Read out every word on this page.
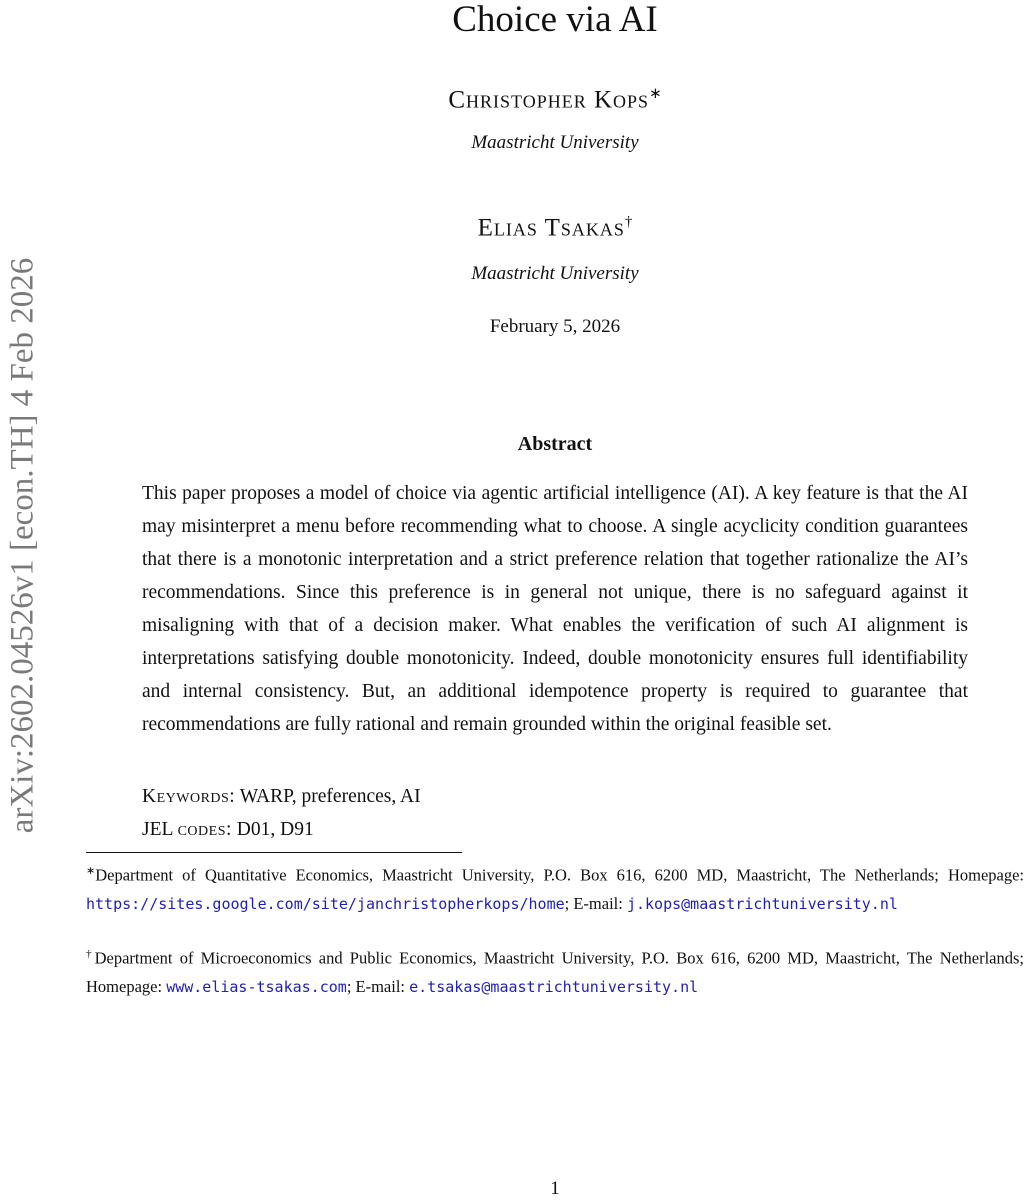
arXiv:2602.04526v1 [econ.TH] 4 Feb 2026
Choice via AI
Christopher Kops∗
Maastricht University
Elias Tsakas†
Maastricht University
February 5, 2026
Abstract

This paper proposes a model of choice via agentic artificial intelligence (AI). A key feature is that the AI may misinterpret a menu before recommending what to choose. A single acyclicity condition guarantees that there is a monotonic interpretation and a strict preference relation that together rationalize the AI’s recommendations. Since this preference is in general not unique, there is no safeguard against it misaligning with that of a decision maker. What enables the verification of such AI alignment is interpretations satisfying double monotonicity. Indeed, double monotonicity ensures full identifiability and internal consistency. But, an additional idempotence property is required to guarantee that recommendations are fully rational and remain grounded within the original feasible set.

Keywords: WARP, preferences, AI
JEL codes: D01, D91

∗Department of Quantitative Economics, Maastricht University, P.O. Box 616, 6200 MD, Maastricht, The Netherlands; Homepage: https://sites.google.com/site/janchristopherkops/home; E-mail: j.kops@maastrichtuniversity.nl

†Department of Microeconomics and Public Economics, Maastricht University, P.O. Box 616, 6200 MD, Maastricht, The Netherlands; Homepage: www.elias-tsakas.com; E-mail: e.tsakas@maastrichtuniversity.nl

1
